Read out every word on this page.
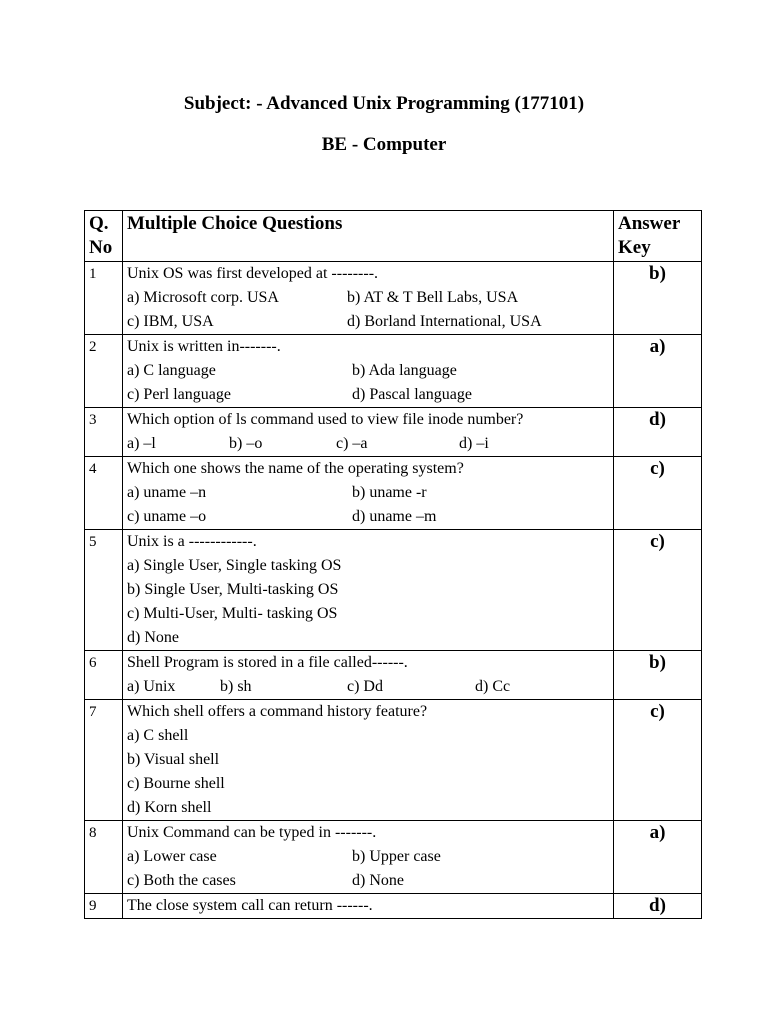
Subject: - Advanced Unix Programming (177101)

BE - Computer

Q. No	Multiple Choice Questions	Answer Key
1	Unix OS was first developed at --------.
a) Microsoft corp. USA b) AT & T Bell Labs, USA
c) IBM, USA d) Borland International, USA	b)
2	Unix is written in-------.
a) C language b) Ada language
c) Perl language d) Pascal language	a)
3	Which option of ls command used to view file inode number?
a) –l b) –o c) –a d) –i	d)
4	Which one shows the name of the operating system?
a) uname –n b) uname -r
c) uname –o d) uname –m	c)
5	Unix is a ------------.
a) Single User, Single tasking OS
b) Single User, Multi-tasking OS
c) Multi-User, Multi- tasking OS
d) None	c)
6	Shell Program is stored in a file called------.
a) Unix b) sh c) Dd d) Cc	b)
7	Which shell offers a command history feature?
a) C shell
b) Visual shell
c) Bourne shell
d) Korn shell	c)
8	Unix Command can be typed in -------.
a) Lower case b) Upper case
c) Both the cases d) None	a)
9	The close system call can return ------.	d)
